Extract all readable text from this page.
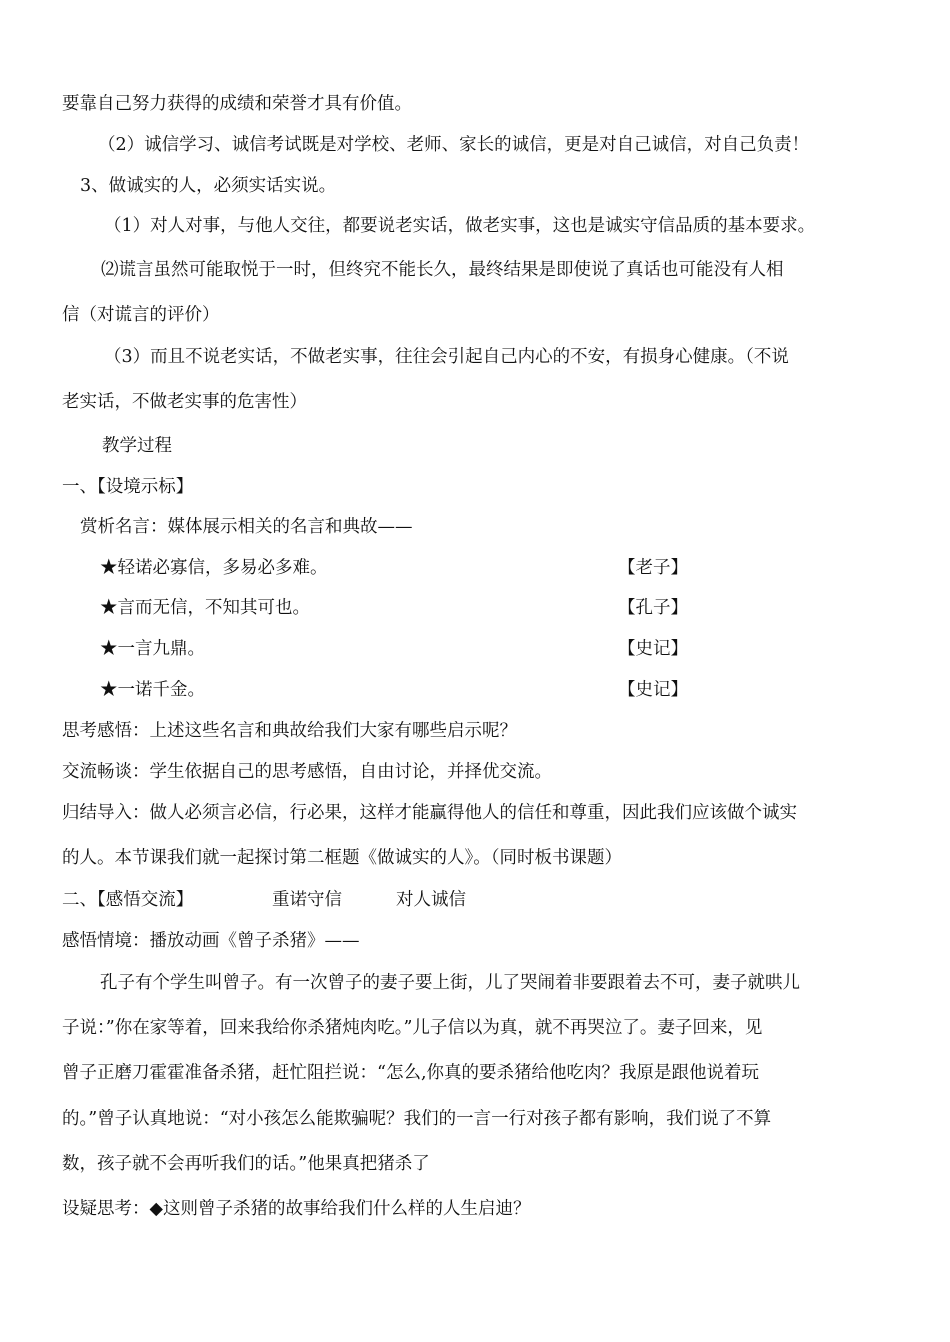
要靠自己努力获得的成绩和荣誉才具有价值。
（2）诚信学习、诚信考试既是对学校、老师、家长的诚信，更是对自己诚信，对自己负责！
3、做诚实的人，必须实话实说。
（1）对人对事，与他人交往，都要说老实话，做老实事，这也是诚实守信品质的基本要求。
⑵谎言虽然可能取悦于一时，但终究不能长久，最终结果是即使说了真话也可能没有人相
信（对谎言的评价）
（3）而且不说老实话，不做老实事，往往会引起自己内心的不安，有损身心健康。（不说
老实话，不做老实事的危害性）
教学过程
一、【设境示标】
赏析名言：媒体展示相关的名言和典故——
★轻诺必寡信，多易必多难。	【老子】
★言而无信，不知其可也。	【孔子】
★一言九鼎。	【史记】
★一诺千金。	【史记】
思考感悟：上述这些名言和典故给我们大家有哪些启示呢？
交流畅谈：学生依据自己的思考感悟，自由讨论，并择优交流。
归结导入：做人必须言必信，行必果，这样才能赢得他人的信任和尊重，因此我们应该做个诚实
的人。本节课我们就一起探讨第二框题《做诚实的人》。（同时板书课题）
二、【感悟交流】	重诺守信	对人诚信
感悟情境：播放动画《曾子杀猪》——
孔子有个学生叫曾子。有一次曾子的妻子要上街，儿了哭闹着非要跟着去不可，妻子就哄儿
子说：”你在家等着，回来我给你杀猪炖肉吃。”儿子信以为真，就不再哭泣了。妻子回来，见
曾子正磨刀霍霍准备杀猪，赶忙阻拦说：“怎么,你真的要杀猪给他吃肉？我原是跟他说着玩
的。”曾子认真地说：“对小孩怎么能欺骗呢？我们的一言一行对孩子都有影响，我们说了不算
数，孩子就不会再听我们的话。”他果真把猪杀了
设疑思考：◆这则曾子杀猪的故事给我们什么样的人生启迪？
